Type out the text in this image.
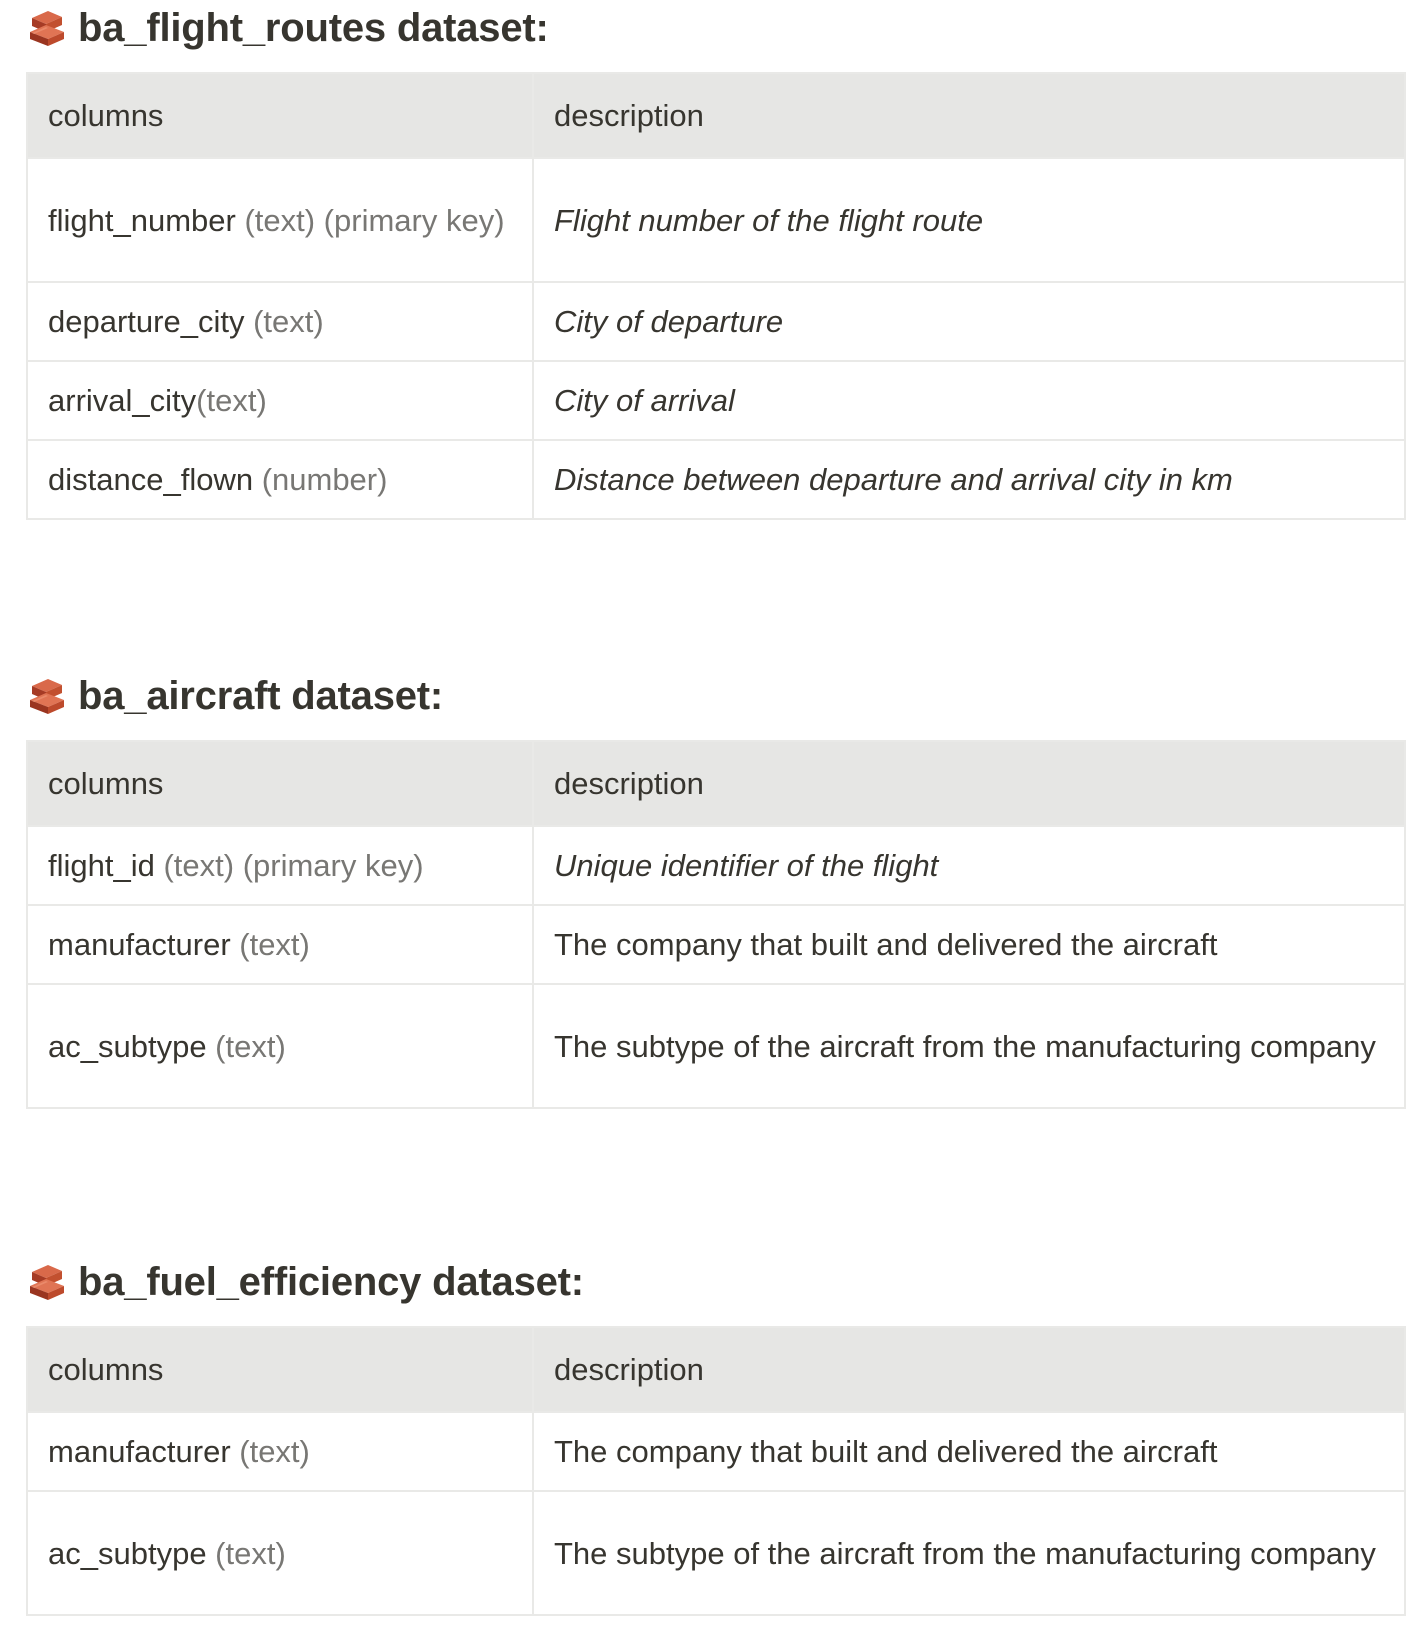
ba_flight_routes dataset:
columns	description
flight_number (text) (primary key)	Flight number of the flight route
departure_city (text)	City of departure
arrival_city(text)	City of arrival
distance_flown (number)	Distance between departure and arrival city in km
ba_aircraft dataset:
columns	description
flight_id (text) (primary key)	Unique identifier of the flight
manufacturer (text)	The company that built and delivered the aircraft
ac_subtype (text)	The subtype of the aircraft from the manufacturing company
ba_fuel_efficiency dataset:
columns	description
manufacturer (text)	The company that built and delivered the aircraft
ac_subtype (text)	The subtype of the aircraft from the manufacturing company
